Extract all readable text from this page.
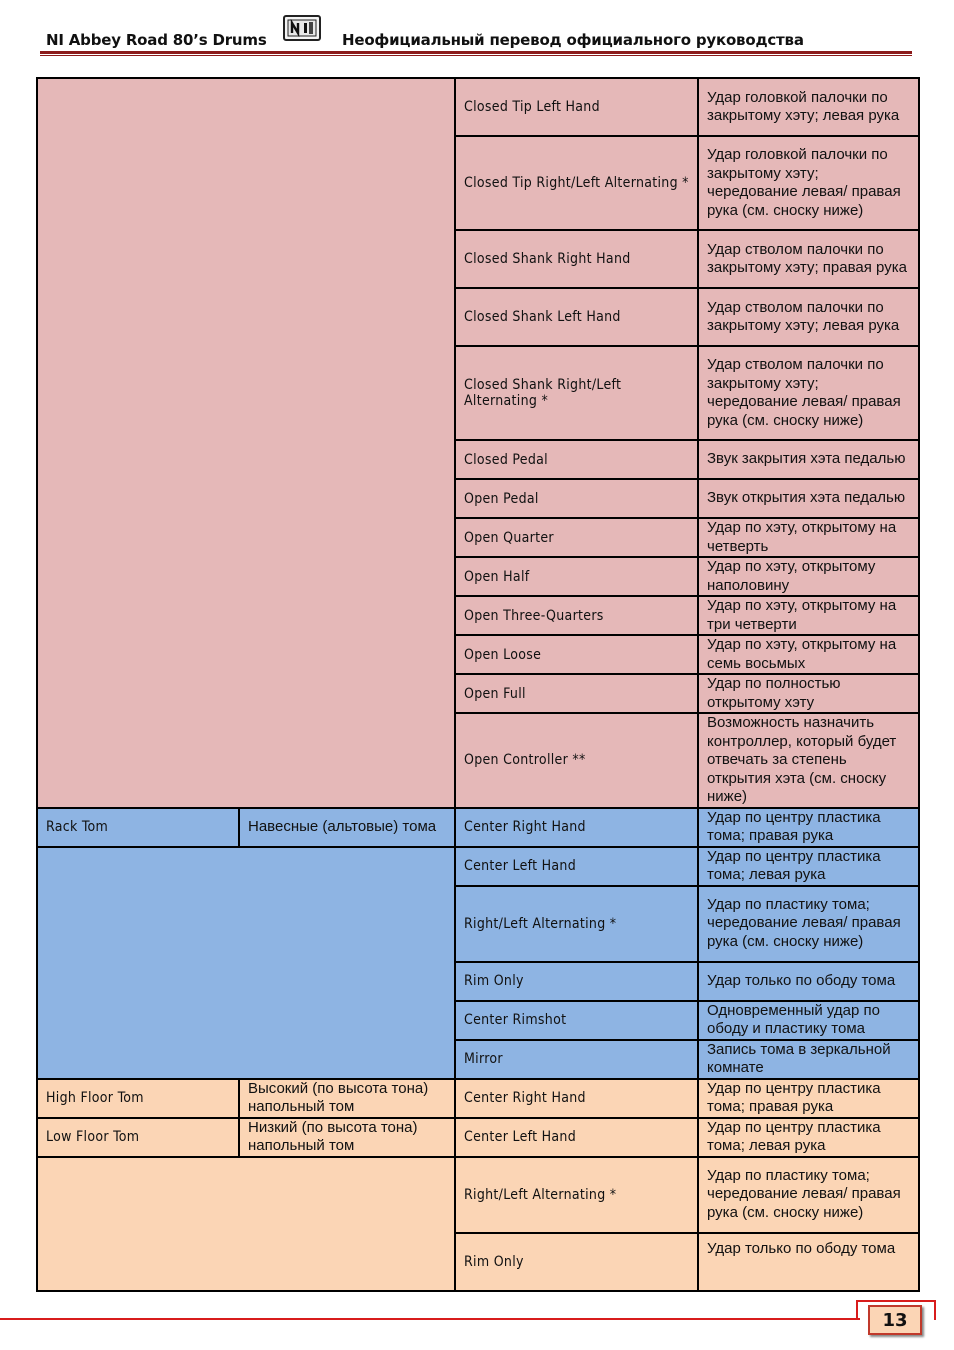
NI Abbey Road 80’s Drums	Неофициальный перевод официального руководства
		Closed Tip Left Hand	Удар головкой палочки по закрытому хэту; левая рука
		Closed Tip Right/Left Alternating *	Удар головкой палочки по закрытому хэту; чередование левая/ правая рука (см. сноску ниже)
		Closed Shank Right Hand	Удар стволом палочки по закрытому хэту; правая рука
		Closed Shank Left Hand	Удар стволом палочки по закрытому хэту; левая рука
		Closed Shank Right/Left Alternating *	Удар стволом палочки по закрытому хэту; чередование левая/ правая рука (см. сноску ниже)
		Closed Pedal	Звук закрытия хэта педалью
		Open Pedal	Звук открытия хэта педалью
		Open Quarter	Удар по хэту, открытому на четверть
		Open Half	Удар по хэту, открытому наполовину
		Open Three-Quarters	Удар по хэту, открытому на три четверти
		Open Loose	Удар по хэту, открытому на семь восьмых
		Open Full	Удар по полностью открытому хэту
		Open Controller **	Возможность назначить контроллер, который будет отвечать за степень открытия хэта (см. сноску ниже)
Rack Tom	Навесные (альтовые) тома	Center Right Hand	Удар по центру пластика тома; правая рука
		Center Left Hand	Удар по центру пластика тома; левая рука
		Right/Left Alternating *	Удар по пластику тома; чередование левая/ правая рука (см. сноску ниже)
		Rim Only	Удар только по ободу тома
		Center Rimshot	Одновременный удар по ободу и пластику тома
		Mirror	Запись тома в зеркальной комнате
High Floor Tom	Высокий (по высота тона) напольный том	Center Right Hand	Удар по центру пластика тома; правая рука
Low Floor Tom	Низкий (по высота тона) напольный том	Center Left Hand	Удар по центру пластика тома; левая рука
		Right/Left Alternating *	Удар по пластику тома; чередование левая/ правая рука (см. сноску ниже)
		Rim Only	Удар только по ободу тома
13
